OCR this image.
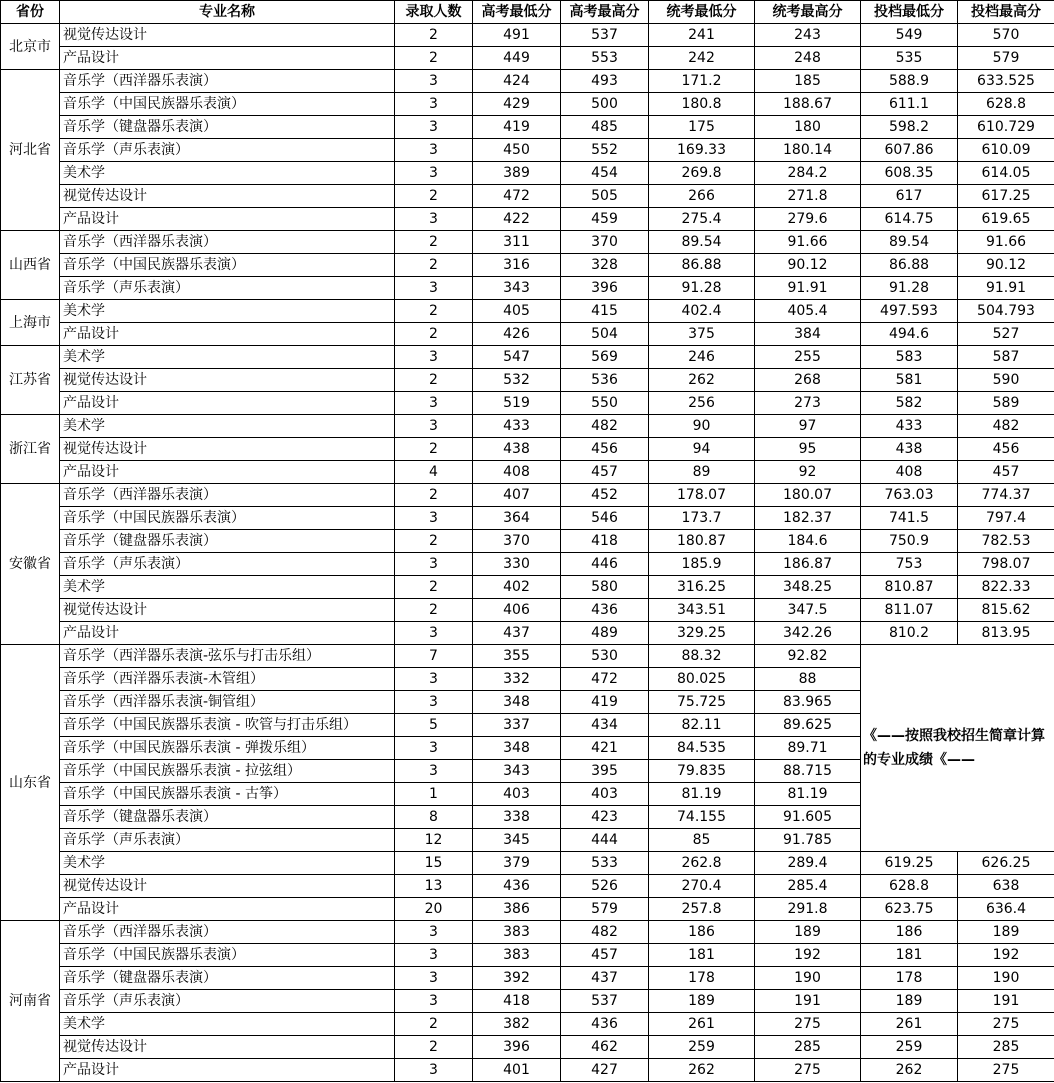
省份	专业名称	录取人数	高考最低分	高考最高分	统考最低分	统考最高分	投档最低分	投档最高分
北京市	视觉传达设计	2	491	537	241	243	549	570
	产品设计	2	449	553	242	248	535	579
河北省	音乐学（西洋器乐表演）	3	424	493	171.2	185	588.9	633.525
	音乐学（中国民族器乐表演）	3	429	500	180.8	188.67	611.1	628.8
	音乐学（键盘器乐表演）	3	419	485	175	180	598.2	610.729
	音乐学（声乐表演）	3	450	552	169.33	180.14	607.86	610.09
	美术学	3	389	454	269.8	284.2	608.35	614.05
	视觉传达设计	2	472	505	266	271.8	617	617.25
	产品设计	3	422	459	275.4	279.6	614.75	619.65
山西省	音乐学（西洋器乐表演）	2	311	370	89.54	91.66	89.54	91.66
	音乐学（中国民族器乐表演）	2	316	328	86.88	90.12	86.88	90.12
	音乐学（声乐表演）	3	343	396	91.28	91.91	91.28	91.91
上海市	美术学	2	405	415	402.4	405.4	497.593	504.793
	产品设计	2	426	504	375	384	494.6	527
江苏省	美术学	3	547	569	246	255	583	587
	视觉传达设计	2	532	536	262	268	581	590
	产品设计	3	519	550	256	273	582	589
浙江省	美术学	3	433	482	90	97	433	482
	视觉传达设计	2	438	456	94	95	438	456
	产品设计	4	408	457	89	92	408	457
安徽省	音乐学（西洋器乐表演）	2	407	452	178.07	180.07	763.03	774.37
	音乐学（中国民族器乐表演）	3	364	546	173.7	182.37	741.5	797.4
	音乐学（键盘器乐表演）	2	370	418	180.87	184.6	750.9	782.53
	音乐学（声乐表演）	3	330	446	185.9	186.87	753	798.07
	美术学	2	402	580	316.25	348.25	810.87	822.33
	视觉传达设计	2	406	436	343.51	347.5	811.07	815.62
	产品设计	3	437	489	329.25	342.26	810.2	813.95
山东省	音乐学（西洋器乐表演-弦乐与打击乐组）	7	355	530	88.32	92.82	《——按照我校招生简章计算的专业成绩《——	
	音乐学（西洋器乐表演-木管组）	3	332	472	80.025	88		
	音乐学（西洋器乐表演-铜管组）	3	348	419	75.725	83.965		
	音乐学（中国民族器乐表演 - 吹管与打击乐组）	5	337	434	82.11	89.625		
	音乐学（中国民族器乐表演 - 弹拨乐组）	3	348	421	84.535	89.71		
	音乐学（中国民族器乐表演 - 拉弦组）	3	343	395	79.835	88.715		
	音乐学（中国民族器乐表演 - 古筝）	1	403	403	81.19	81.19		
	音乐学（键盘器乐表演）	8	338	423	74.155	91.605		
	音乐学（声乐表演）	12	345	444	85	91.785		
	美术学	15	379	533	262.8	289.4	619.25	626.25
	视觉传达设计	13	436	526	270.4	285.4	628.8	638
	产品设计	20	386	579	257.8	291.8	623.75	636.4
河南省	音乐学（西洋器乐表演）	3	383	482	186	189	186	189
	音乐学（中国民族器乐表演）	3	383	457	181	192	181	192
	音乐学（键盘器乐表演）	3	392	437	178	190	178	190
	音乐学（声乐表演）	3	418	537	189	191	189	191
	美术学	2	382	436	261	275	261	275
	视觉传达设计	2	396	462	259	285	259	285
	产品设计	3	401	427	262	275	262	275
